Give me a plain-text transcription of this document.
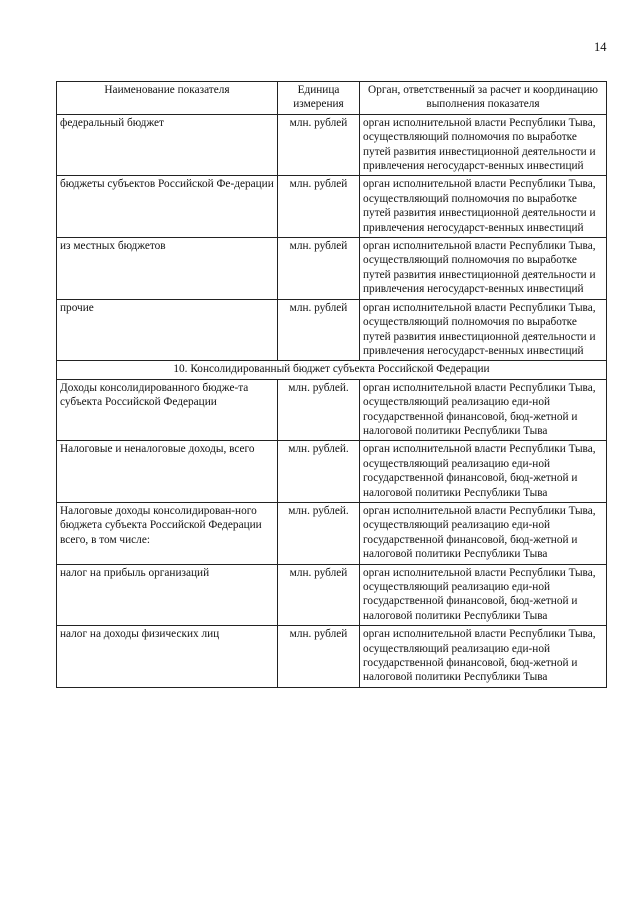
14
Наименование показателя	Единица измерения	Орган, ответственный за расчет и координацию выполнения показателя
федеральный бюджет	млн. рублей	орган исполнительной власти Республики Тыва, осуществляющий полномочия по выработке путей развития инвестиционной деятельности и привлечения негосударст-венных инвестиций
бюджеты субъектов Российской Фе-дерации	млн. рублей	орган исполнительной власти Республики Тыва, осуществляющий полномочия по выработке путей развития инвестиционной деятельности и привлечения негосударст-венных инвестиций
из местных бюджетов	млн. рублей	орган исполнительной власти Республики Тыва, осуществляющий полномочия по выработке путей развития инвестиционной деятельности и привлечения негосударст-венных инвестиций
прочие	млн. рублей	орган исполнительной власти Республики Тыва, осуществляющий полномочия по выработке путей развития инвестиционной деятельности и привлечения негосударст-венных инвестиций
10. Консолидированный бюджет субъекта Российской Федерации		
Доходы консолидированного бюдже-та субъекта Российской Федерации	млн. рублей.	орган исполнительной власти Республики Тыва, осуществляющий реализацию еди-ной государственной финансовой, бюд-жетной и налоговой политики Республики Тыва
Налоговые и неналоговые доходы, всего	млн. рублей.	орган исполнительной власти Республики Тыва, осуществляющий реализацию еди-ной государственной финансовой, бюд-жетной и налоговой политики Республики Тыва
Налоговые доходы консолидирован-ного бюджета субъекта Российской Федерации всего, в том числе:	млн. рублей.	орган исполнительной власти Республики Тыва, осуществляющий реализацию еди-ной государственной финансовой, бюд-жетной и налоговой политики Республики Тыва
налог на прибыль организаций	млн. рублей	орган исполнительной власти Республики Тыва, осуществляющий реализацию еди-ной государственной финансовой, бюд-жетной и налоговой политики Республики Тыва
налог на доходы физических лиц	млн. рублей	орган исполнительной власти Республики Тыва, осуществляющий реализацию еди-ной государственной финансовой, бюд-жетной и налоговой политики Республики Тыва
